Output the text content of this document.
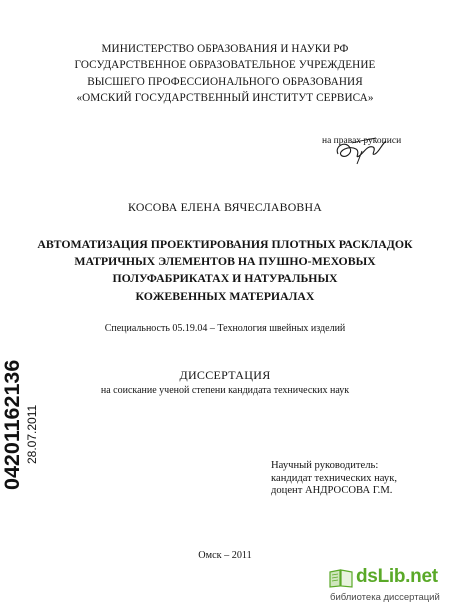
МИНИСТЕРСТВО ОБРАЗОВАНИЯ И НАУКИ РФ
ГОСУДАРСТВЕННОЕ ОБРАЗОВАТЕЛЬНОЕ УЧРЕЖДЕНИЕ
ВЫСШЕГО ПРОФЕССИОНАЛЬНОГО ОБРАЗОВАНИЯ
«ОМСКИЙ ГОСУДАРСТВЕННЫЙ ИНСТИТУТ СЕРВИСА»
на правах рукописи
КОСОВА ЕЛЕНА ВЯЧЕСЛАВОВНА
АВТОМАТИЗАЦИЯ ПРОЕКТИРОВАНИЯ ПЛОТНЫХ РАСКЛАДОК
МАТРИЧНЫХ ЭЛЕМЕНТОВ НА ПУШНО-МЕХОВЫХ
ПОЛУФАБРИКАТАХ И НАТУРАЛЬНЫХ
КОЖЕВЕННЫХ МАТЕРИАЛАХ
Специальность 05.19.04 – Технология швейных изделий
ДИССЕРТАЦИЯ
на соискание ученой степени кандидата технических наук
04201162136 28.07.2011
Научный руководитель:
кандидат технических наук,
доцент АНДРОСОВА Г.М.
Омск – 2011
dsLib.net
библиотека диссертаций
